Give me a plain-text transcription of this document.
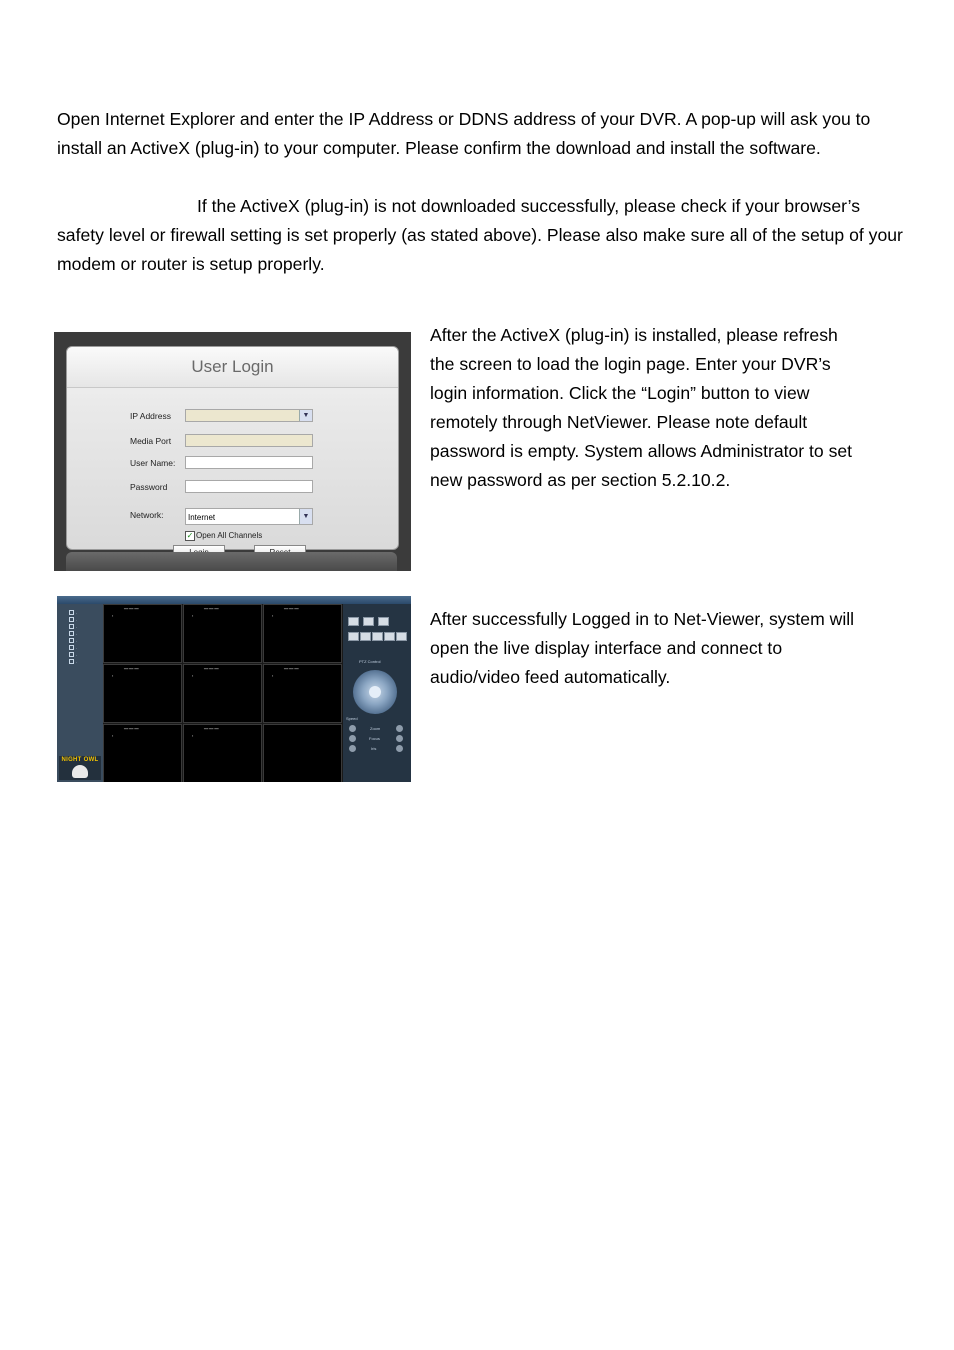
Open Internet Explorer and enter the IP Address or DDNS address of your DVR. A pop-up will ask you to install an ActiveX (plug-in) to your computer. Please confirm the download and install the software.
If the ActiveX (plug-in) is not downloaded successfully, please check if your browser’s safety level or firewall setting is set properly (as stated above). Please also make sure all of the setup of your modem or router is setup properly.
User Login
IP Address	▼
Media Port
User Name:
Password
Network:	Internet	▼
✓ Open All Channels
After the ActiveX (plug-in) is installed, please refresh the screen to load the login page. Enter your DVR’s login information. Click the “Login” button to view remotely through NetViewer. Please note default password is empty. System allows Administrator to set new password as per section 5.2.10.2.
·
·
·
·
·
·
·
·
NIGHT OWL
━━ ━━ ━━
▪
━━ ━━ ━━
▪
━━ ━━ ━━
▪
━━ ━━ ━━
▪
━━ ━━ ━━
▪
━━ ━━ ━━
▪
━━ ━━ ━━
▪
━━ ━━ ━━
▪
PTZ Control
Speed
Zoom
Focus
Iris
After successfully Logged in to Net-Viewer, system will open the live display interface and connect to audio/video feed automatically.
